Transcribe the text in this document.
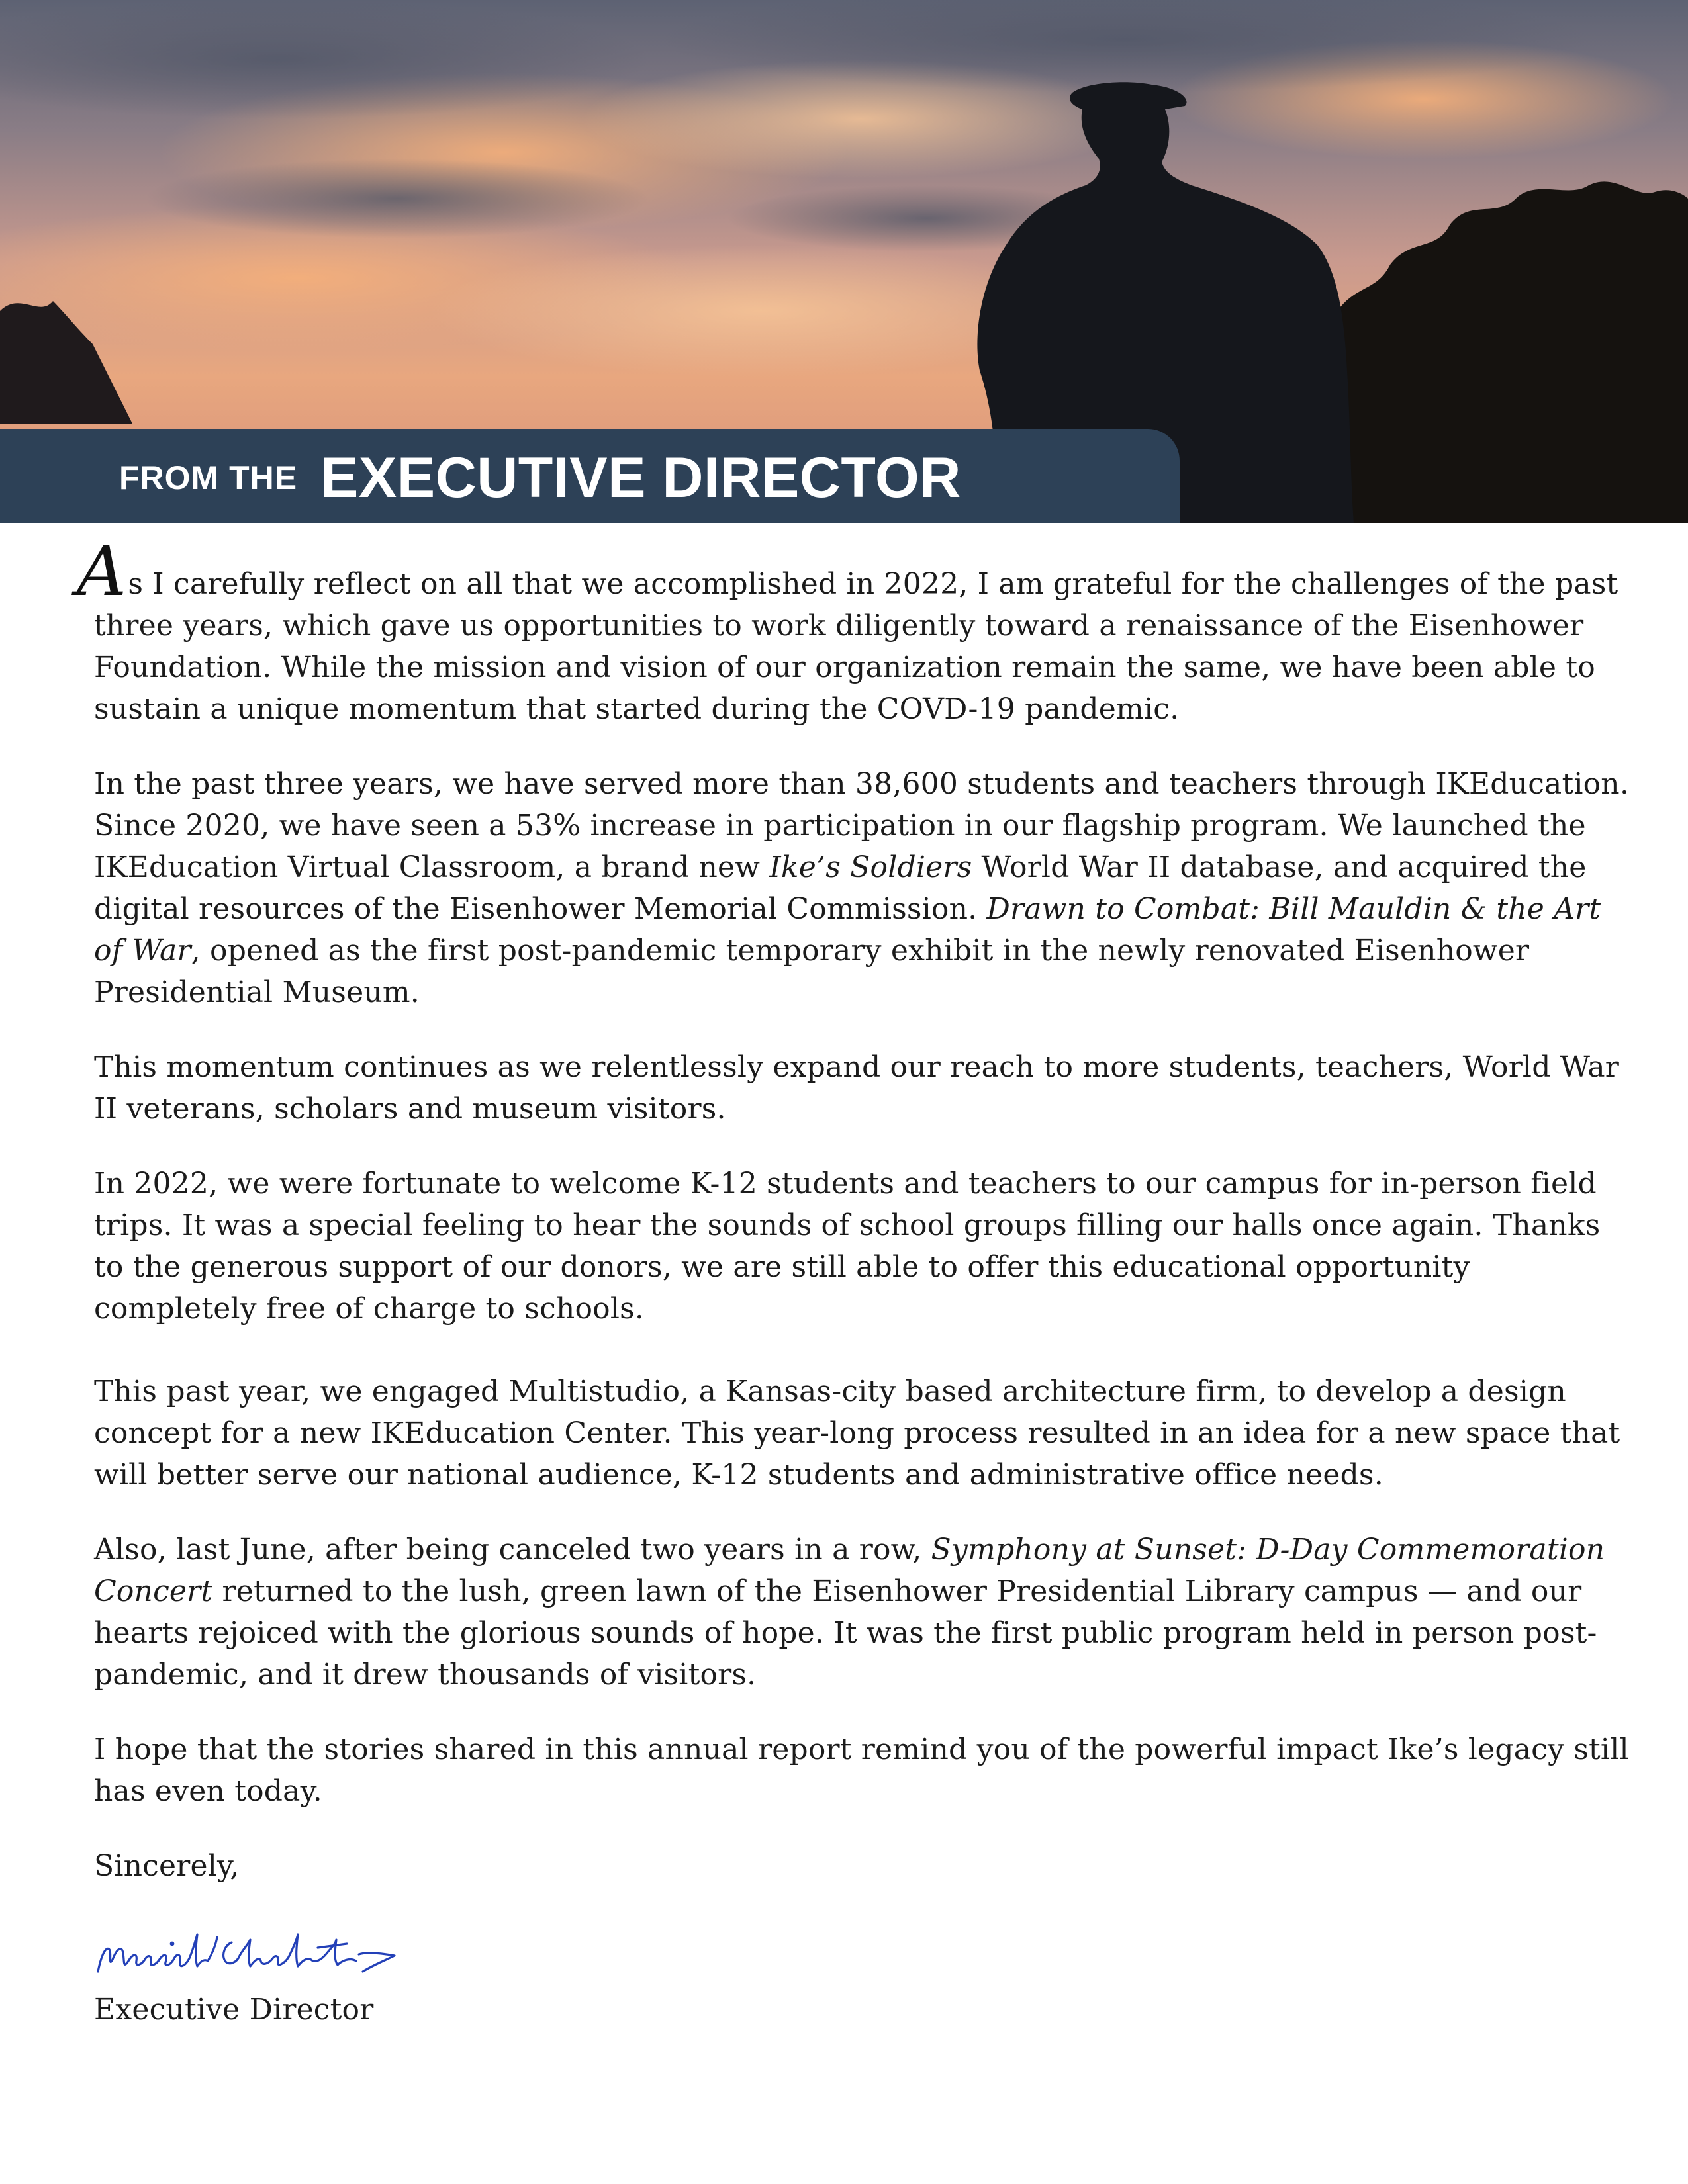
FROM THE EXECUTIVE DIRECTOR

As I carefully reflect on all that we accomplished in 2022, I am grateful for the challenges of the past three years, which gave us opportunities to work diligently toward a renaissance of the Eisenhower Foundation. While the mission and vision of our organization remain the same, we have been able to sustain a unique momentum that started during the COVD-19 pandemic.

In the past three years, we have served more than 38,600 students and teachers through IKEducation. Since 2020, we have seen a 53% increase in participation in our flagship program. We launched the IKEducation Virtual Classroom, a brand new Ike’s Soldiers World War II database, and acquired the digital resources of the Eisenhower Memorial Commission. Drawn to Combat: Bill Mauldin & the Art of War, opened as the first post-pandemic temporary exhibit in the newly renovated Eisenhower Presidential Museum.

This momentum continues as we relentlessly expand our reach to more students, teachers, World War II veterans, scholars and museum visitors.

In 2022, we were fortunate to welcome K-12 students and teachers to our campus for in-person field trips. It was a special feeling to hear the sounds of school groups filling our halls once again. Thanks to the generous support of our donors, we are still able to offer this educational opportunity completely free of charge to schools.

This past year, we engaged Multistudio, a Kansas-city based architecture firm, to develop a design concept for a new IKEducation Center. This year-long process resulted in an idea for a new space that will better serve our national audience, K-12 students and administrative office needs.

Also, last June, after being canceled two years in a row, Symphony at Sunset: D-Day Commemoration Concert returned to the lush, green lawn of the Eisenhower Presidential Library campus — and our hearts rejoiced with the glorious sounds of hope. It was the first public program held in person post-pandemic, and it drew thousands of visitors.

I hope that the stories shared in this annual report remind you of the powerful impact Ike’s legacy still has even today.

Sincerely,

Executive Director
